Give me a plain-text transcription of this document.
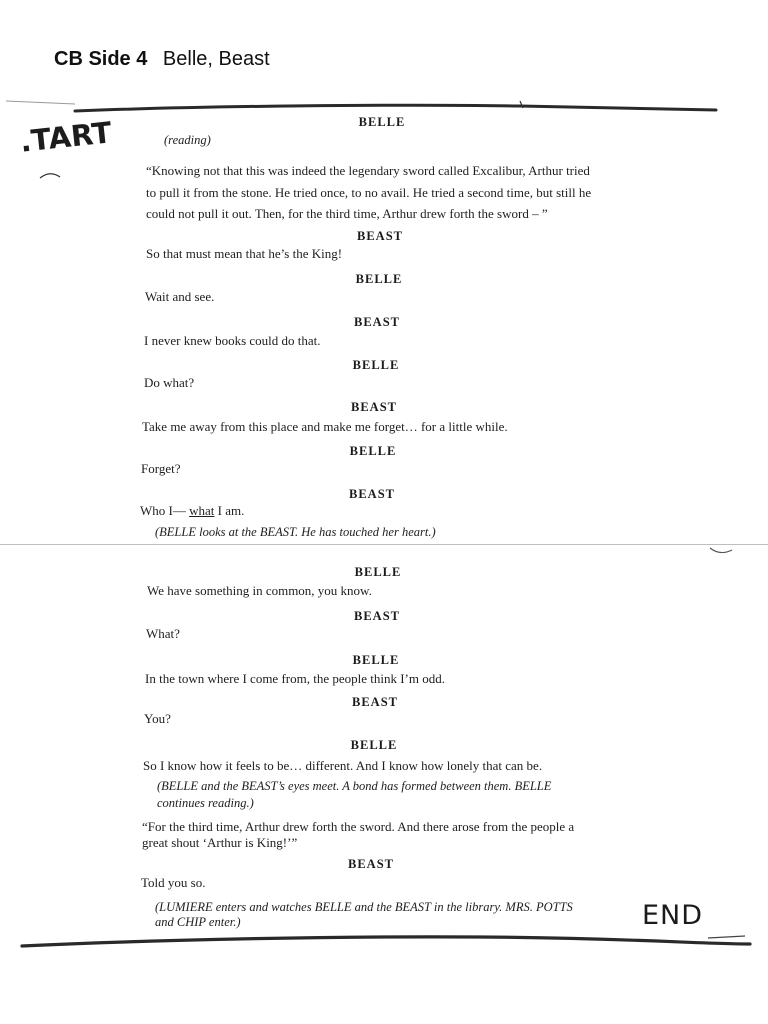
CB Side 4 Belle, Beast
.TART
END
BELLE
(reading)
“Knowing not that this was indeed the legendary sword called Excalibur, Arthur tried
to pull it from the stone. He tried once, to no avail. He tried a second time, but still he
could not pull it out. Then, for the third time, Arthur drew forth the sword – ”
BEAST
So that must mean that he’s the King!
BELLE
Wait and see.
BEAST
I never knew books could do that.
BELLE
Do what?
BEAST
Take me away from this place and make me forget… for a little while.
BELLE
Forget?
BEAST
Who I— what I am.
(BELLE looks at the BEAST. He has touched her heart.)
BELLE
We have something in common, you know.
BEAST
What?
BELLE
In the town where I come from, the people think I’m odd.
BEAST
You?
BELLE
So I know how it feels to be… different. And I know how lonely that can be.
(BELLE and the BEAST’s eyes meet. A bond has formed between them. BELLE
continues reading.)
“For the third time, Arthur drew forth the sword. And there arose from the people a
great shout ‘Arthur is King!’”
BEAST
Told you so.
(LUMIERE enters and watches BELLE and the BEAST in the library. MRS. POTTS
and CHIP enter.)
